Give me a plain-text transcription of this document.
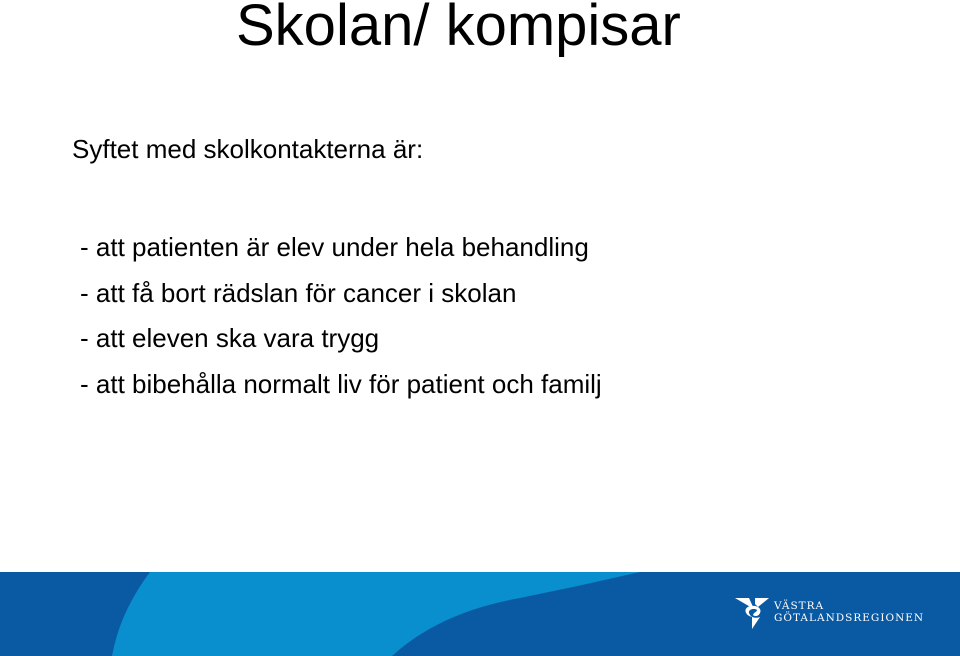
Skolan/ kompisar

Syftet med skolkontakterna är:

- att patienten är elev under hela behandling
- att få bort rädslan för cancer i skolan
- att eleven ska vara trygg
- att bibehålla normalt liv för patient och familj
VÄSTRA
GÖTALANDSREGIONEN
